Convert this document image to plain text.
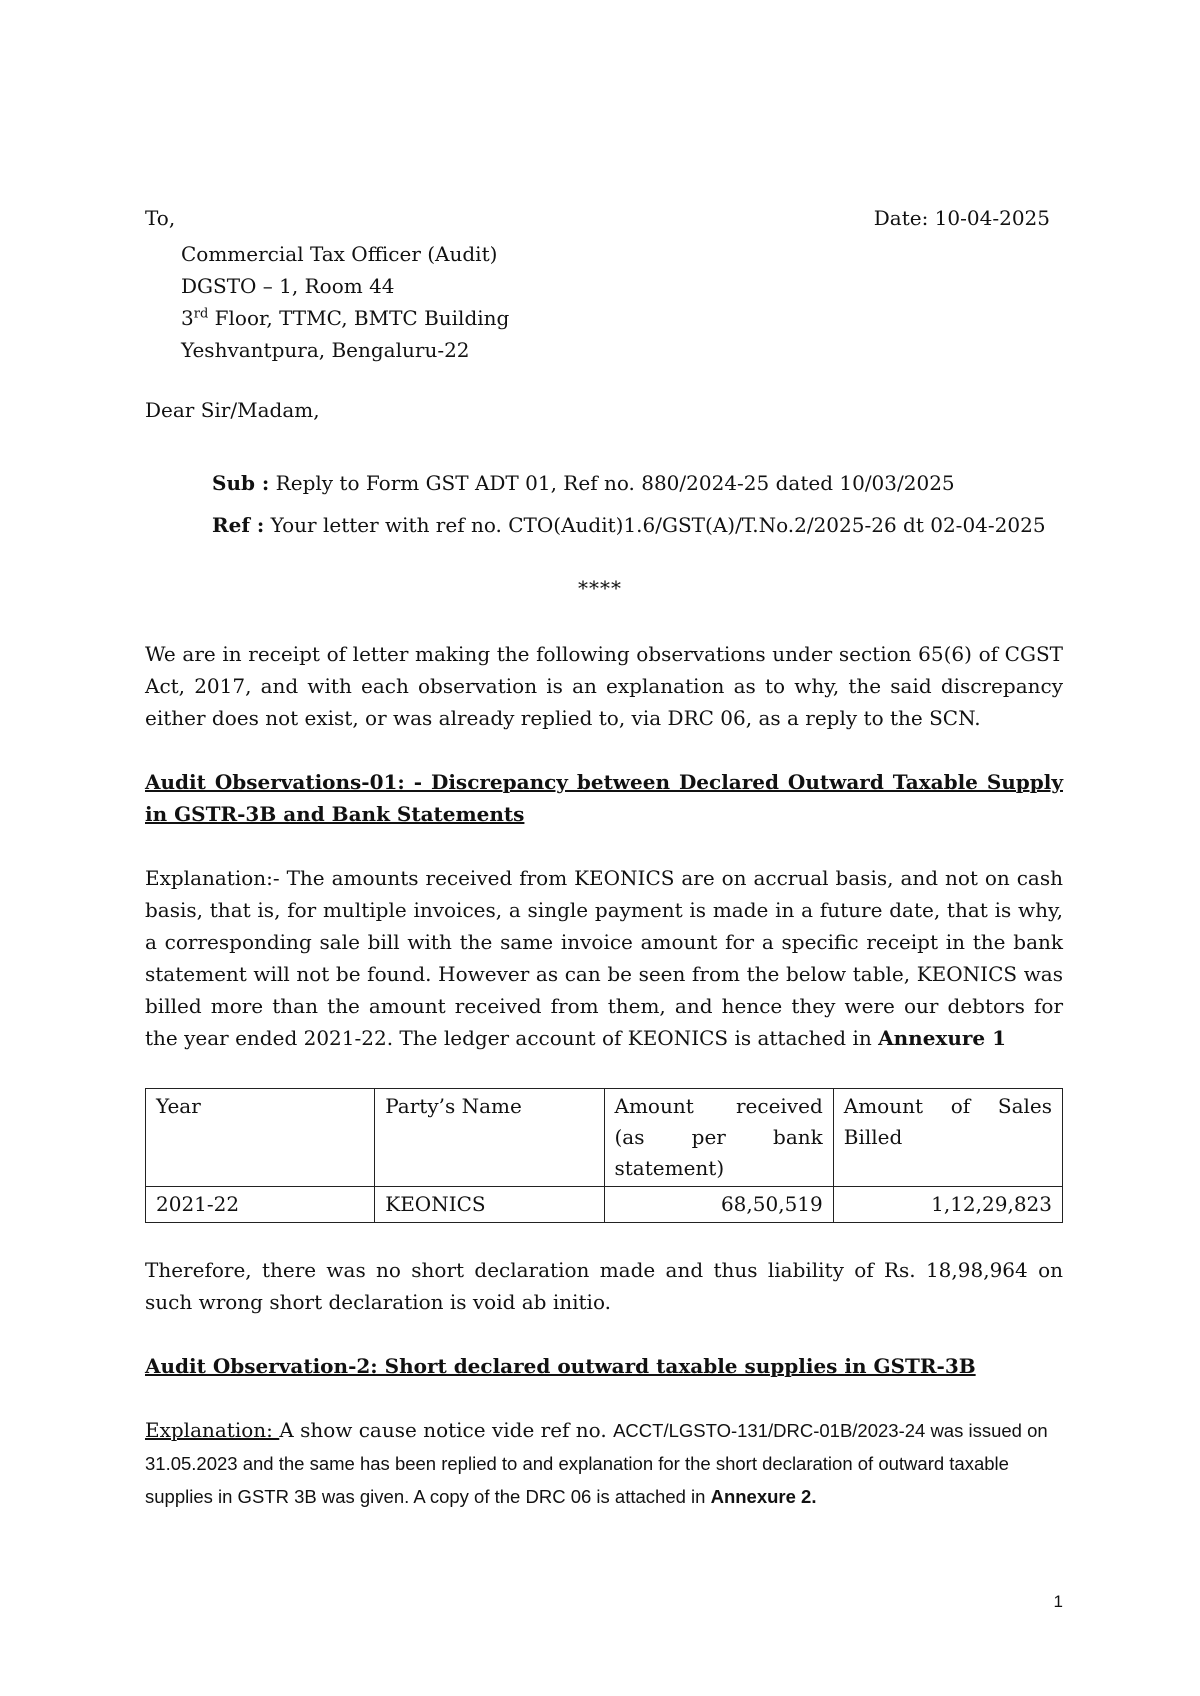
To,	Date: 10-04-2025
Commercial Tax Officer (Audit)
DGSTO – 1, Room 44
3rd Floor, TTMC, BMTC Building
Yeshvantpura, Bengaluru-22
Dear Sir/Madam,
Sub : Reply to Form GST ADT 01, Ref no. 880/2024-25 dated 10/03/2025
Ref : Your letter with ref no. CTO(Audit)1.6/GST(A)/T.No.2/2025-26 dt 02-04-2025
****
We are in receipt of letter making the following observations under section 65(6) of CGST Act, 2017, and with each observation is an explanation as to why, the said discrepancy either does not exist, or was already replied to, via DRC 06, as a reply to the SCN.
Audit Observations-01: - Discrepancy between Declared Outward Taxable Supply in GSTR-3B and Bank Statements
Explanation:- The amounts received from KEONICS are on accrual basis, and not on cash basis, that is, for multiple invoices, a single payment is made in a future date, that is why, a corresponding sale bill with the same invoice amount for a specific receipt in the bank statement will not be found. However as can be seen from the below table, KEONICS was billed more than the amount received from them, and hence they were our debtors for the year ended 2021-22. The ledger account of KEONICS is attached in Annexure 1
Year	Party’s Name	Amount received (as per bank statement)	Amount of Sales Billed
2021-22	KEONICS	68,50,519	1,12,29,823
Therefore, there was no short declaration made and thus liability of Rs. 18,98,964 on such wrong short declaration is void ab initio.
Audit Observation-2: Short declared outward taxable supplies in GSTR-3B
Explanation: A show cause notice vide ref no. ACCT/LGSTO-131/DRC-01B/2023-24 was issued on 31.05.2023 and the same has been replied to and explanation for the short declaration of outward taxable supplies in GSTR 3B was given. A copy of the DRC 06 is attached in Annexure 2.
1
